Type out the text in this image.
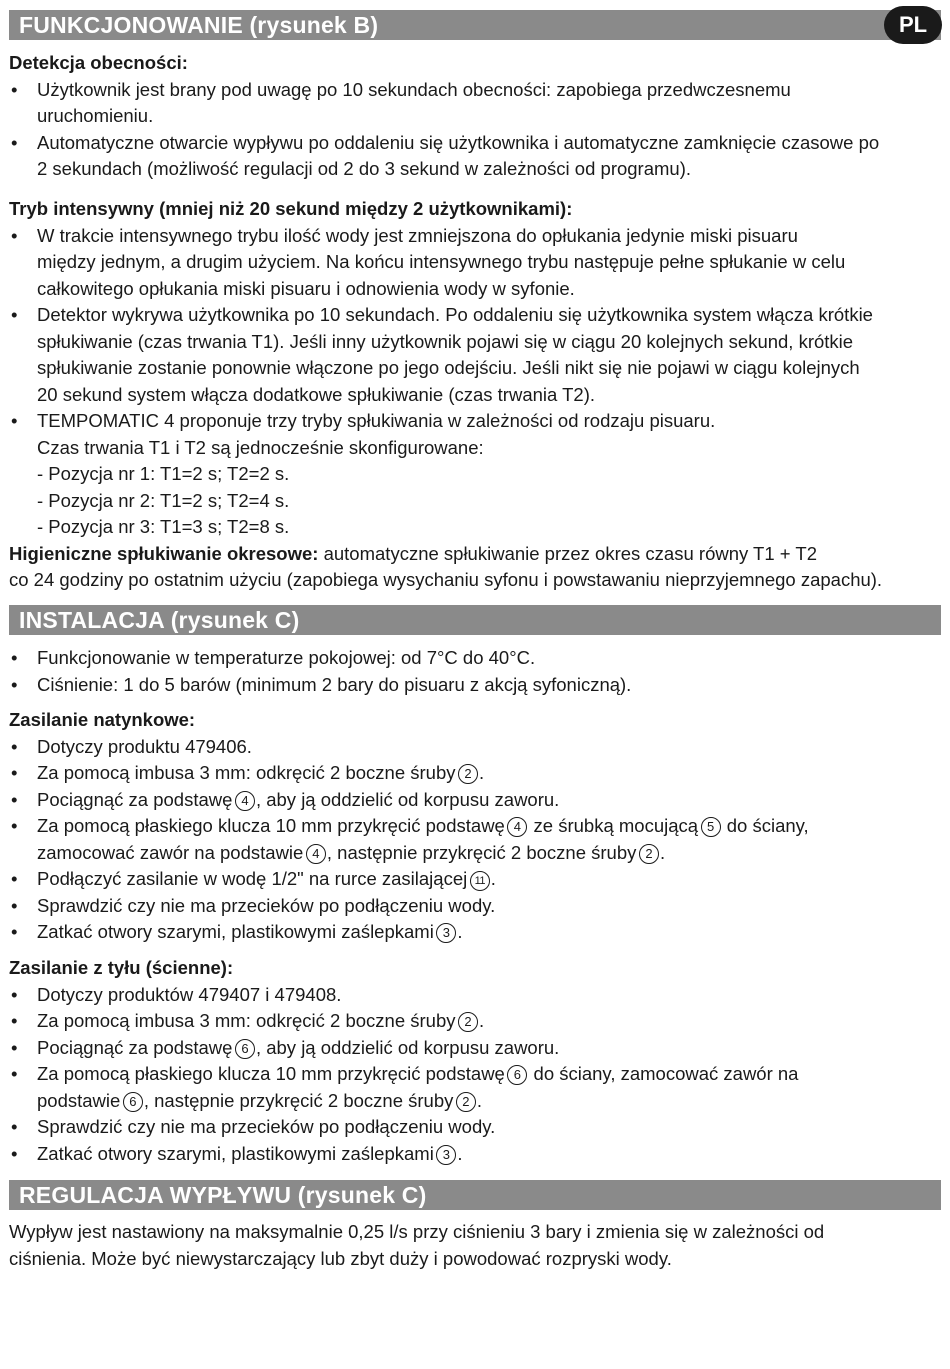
FUNKCJONOWANIE (rysunek B)	PL
Detekcja obecności:
• Użytkownik jest brany pod uwagę po 10 sekundach obecności: zapobiega przedwczesnemu
uruchomieniu.
• Automatyczne otwarcie wypływu po oddaleniu się użytkownika i automatyczne zamknięcie czasowe po
2 sekundach (możliwość regulacji od 2 do 3 sekund w zależności od programu).
Tryb intensywny (mniej niż 20 sekund między 2 użytkownikami):
• W trakcie intensywnego trybu ilość wody jest zmniejszona do opłukania jedynie miski pisuaru
między jednym, a drugim użyciem. Na końcu intensywnego trybu następuje pełne spłukanie w celu
całkowitego opłukania miski pisuaru i odnowienia wody w syfonie.
• Detektor wykrywa użytkownika po 10 sekundach. Po oddaleniu się użytkownika system włącza krótkie
spłukiwanie (czas trwania T1). Jeśli inny użytkownik pojawi się w ciągu 20 kolejnych sekund, krótkie
spłukiwanie zostanie ponownie włączone po jego odejściu. Jeśli nikt się nie pojawi w ciągu kolejnych
20 sekund system włącza dodatkowe spłukiwanie (czas trwania T2).
• TEMPOMATIC 4 proponuje trzy tryby spłukiwania w zależności od rodzaju pisuaru.
Czas trwania T1 i T2 są jednocześnie skonfigurowane:
- Pozycja nr 1: T1=2 s; T2=2 s.
- Pozycja nr 2: T1=2 s; T2=4 s.
- Pozycja nr 3: T1=3 s; T2=8 s.
Higieniczne spłukiwanie okresowe: automatyczne spłukiwanie przez okres czasu równy T1 + T2
co 24 godziny po ostatnim użyciu (zapobiega wysychaniu syfonu i powstawaniu nieprzyjemnego zapachu).
INSTALACJA (rysunek C)
• Funkcjonowanie w temperaturze pokojowej: od 7°C do 40°C.
• Ciśnienie: 1 do 5 barów (minimum 2 bary do pisuaru z akcją syfoniczną).
Zasilanie natynkowe:
• Dotyczy produktu 479406.
• Za pomocą imbusa 3 mm: odkręcić 2 boczne śruby  2 .
• Pociągnąć za podstawę  4 , aby ją oddzielić od korpusu zaworu.
• Za pomocą płaskiego klucza 10 mm przykręcić podstawę  4 ze śrubką mocującą  5 do ściany,
zamocować zawór na podstawie  4 , następnie przykręcić 2 boczne śruby  2 .
• Podłączyć zasilanie w wodę 1/2" na rurce zasilającej  11 .
• Sprawdzić czy nie ma przecieków po podłączeniu wody.
• Zatkać otwory szarymi, plastikowymi zaślepkami  3 .
Zasilanie z tyłu (ścienne):
• Dotyczy produktów 479407 i 479408.
• Za pomocą imbusa 3 mm: odkręcić 2 boczne śruby  2 .
• Pociągnąć za podstawę  6 , aby ją oddzielić od korpusu zaworu.
• Za pomocą płaskiego klucza 10 mm przykręcić podstawę  6 do ściany, zamocować zawór na
podstawie  6 , następnie przykręcić 2 boczne śruby  2 .
• Sprawdzić czy nie ma przecieków po podłączeniu wody.
• Zatkać otwory szarymi, plastikowymi zaślepkami  3 .
REGULACJA WYPŁYWU (rysunek C)
Wypływ jest nastawiony na maksymalnie 0,25 l/s przy ciśnieniu 3 bary i zmienia się w zależności od
ciśnienia. Może być niewystarczający lub zbyt duży i powodować rozpryski wody.
